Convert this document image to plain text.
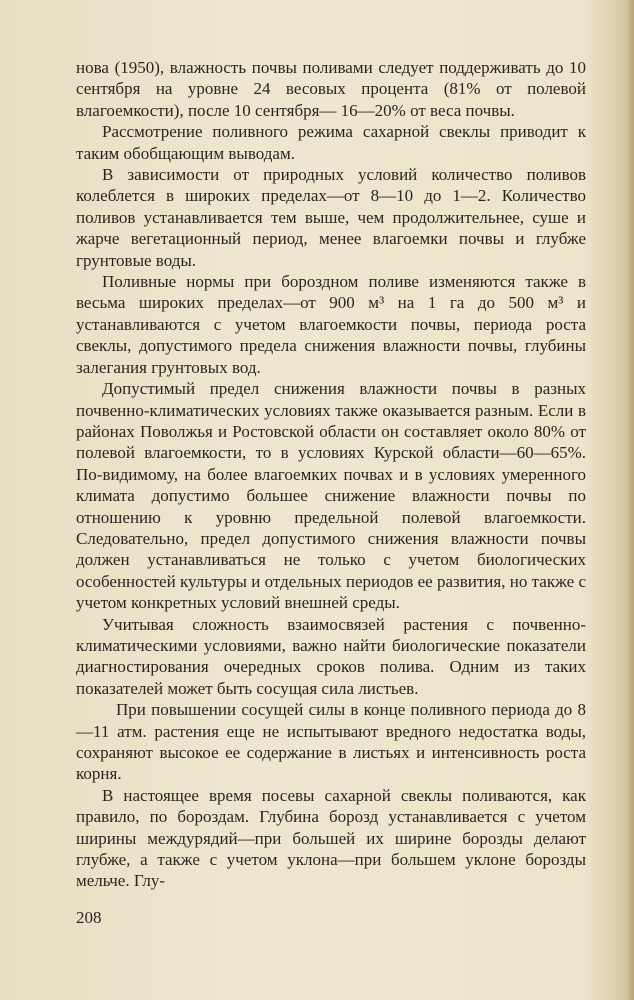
нова (1950), влажность почвы поливами следует поддерживать до 10 сентября на уровне 24 весовых процента (81% от полевой влагоемкости), после 10 сентября— 16—20% от веса почвы.

Рассмотрение поливного режима сахарной свеклы приводит к таким обобщающим выводам.

В зависимости от природных условий количество поливов колеблется в широких пределах—от 8—10 до 1—2. Количество поливов устанавливается тем выше, чем продолжительнее, суше и жарче вегетационный период, менее влагоемки почвы и глубже грунтовые воды.

Поливные нормы при бороздном поливе изменяются также в весьма широких пределах—от 900 м³ на 1 га до 500 м³ и устанавливаются с учетом влагоемкости почвы, периода роста свеклы, допустимого предела снижения влажности почвы, глубины залегания грунтовых вод.

Допустимый предел снижения влажности почвы в разных почвенно-климатических условиях также оказывается разным. Если в районах Поволжья и Ростовской области он составляет около 80% от полевой влагоемкости, то в условиях Курской области—60—65%. По-видимому, на более влагоемких почвах и в условиях умеренного климата допустимо большее снижение влажности почвы по отношению к уровню предельной полевой влагоемкости. Следовательно, предел допустимого снижения влажности почвы должен устанавливаться не только с учетом биологических особенностей культуры и отдельных периодов ее развития, но также с учетом конкретных условий внешней среды.

Учитывая сложность взаимосвязей растения с почвенно-климатическими условиями, важно найти биологические показатели диагностирования очередных сроков полива. Одним из таких показателей может быть сосущая сила листьев.

При повышении сосущей силы в конце поливного периода до 8—11 атм. растения еще не испытывают вредного недостатка воды, сохраняют высокое ее содержание в листьях и интенсивность роста корня.

В настоящее время посевы сахарной свеклы поливаются, как правило, по бороздам. Глубина борозд устанавливается с учетом ширины междурядий—при большей их ширине борозды делают глубже, а также с учетом уклона—при большем уклоне борозды мельче. Глу-

208
